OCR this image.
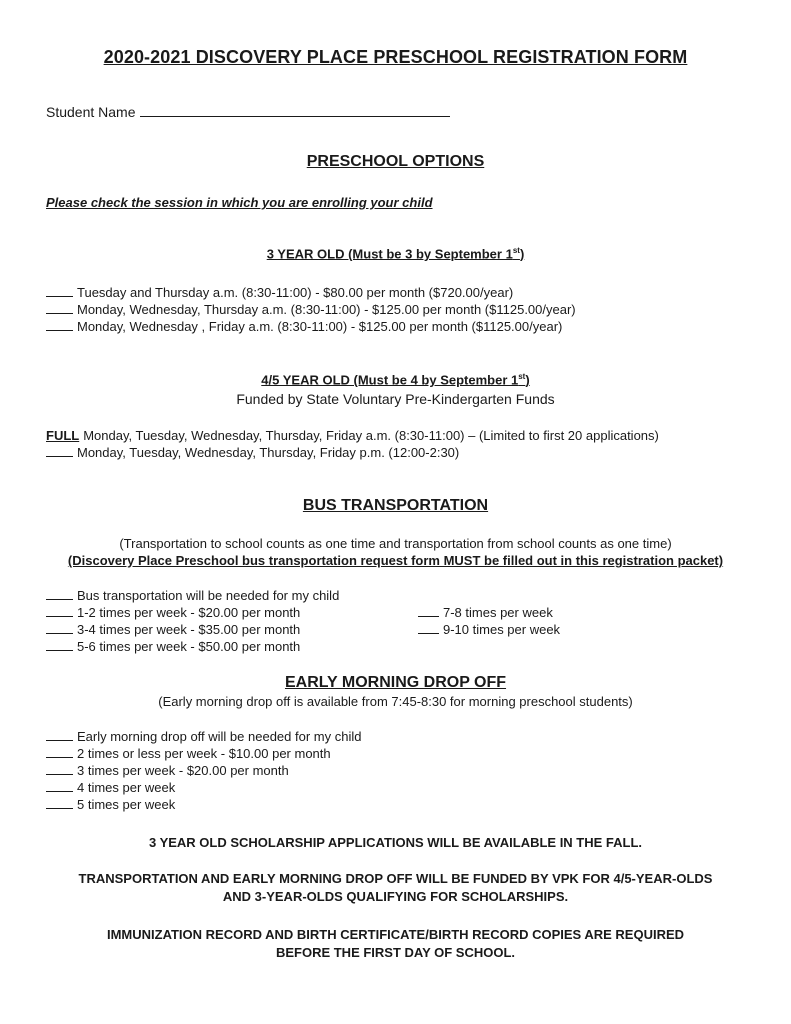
2020-2021 DISCOVERY PLACE PRESCHOOL REGISTRATION FORM
Student Name
PRESCHOOL OPTIONS
Please check the session in which you are enrolling your child
3 YEAR OLD (Must be 3 by September 1st)
Tuesday and Thursday a.m. (8:30-11:00) - $80.00 per month ($720.00/year)
Monday, Wednesday, Thursday a.m. (8:30-11:00) - $125.00 per month ($1125.00/year)
Monday, Wednesday , Friday a.m. (8:30-11:00) - $125.00 per month ($1125.00/year)
4/5 YEAR OLD (Must be 4 by September 1st)
Funded by State Voluntary Pre-Kindergarten Funds
FULL Monday, Tuesday, Wednesday, Thursday, Friday a.m. (8:30-11:00) – (Limited to first 20 applications)
Monday, Tuesday, Wednesday, Thursday, Friday p.m. (12:00-2:30)
BUS TRANSPORTATION
(Transportation to school counts as one time and transportation from school counts as one time)
(Discovery Place Preschool bus transportation request form MUST be filled out in this registration packet)
Bus transportation will be needed for my child
1-2 times per week - $20.00 per month
3-4 times per week - $35.00 per month
5-6 times per week - $50.00 per month
7-8 times per week
9-10 times per week
EARLY MORNING DROP OFF
(Early morning drop off is available from 7:45-8:30 for morning preschool students)
Early morning drop off will be needed for my child
2 times or less per week - $10.00 per month
3 times per week - $20.00 per month
4 times per week
5 times per week
3 YEAR OLD SCHOLARSHIP APPLICATIONS WILL BE AVAILABLE IN THE FALL.
TRANSPORTATION AND EARLY MORNING DROP OFF WILL BE FUNDED BY VPK FOR 4/5-YEAR-OLDS
AND 3-YEAR-OLDS QUALIFYING FOR SCHOLARSHIPS.
IMMUNIZATION RECORD AND BIRTH CERTIFICATE/BIRTH RECORD COPIES ARE REQUIRED
BEFORE THE FIRST DAY OF SCHOOL.
